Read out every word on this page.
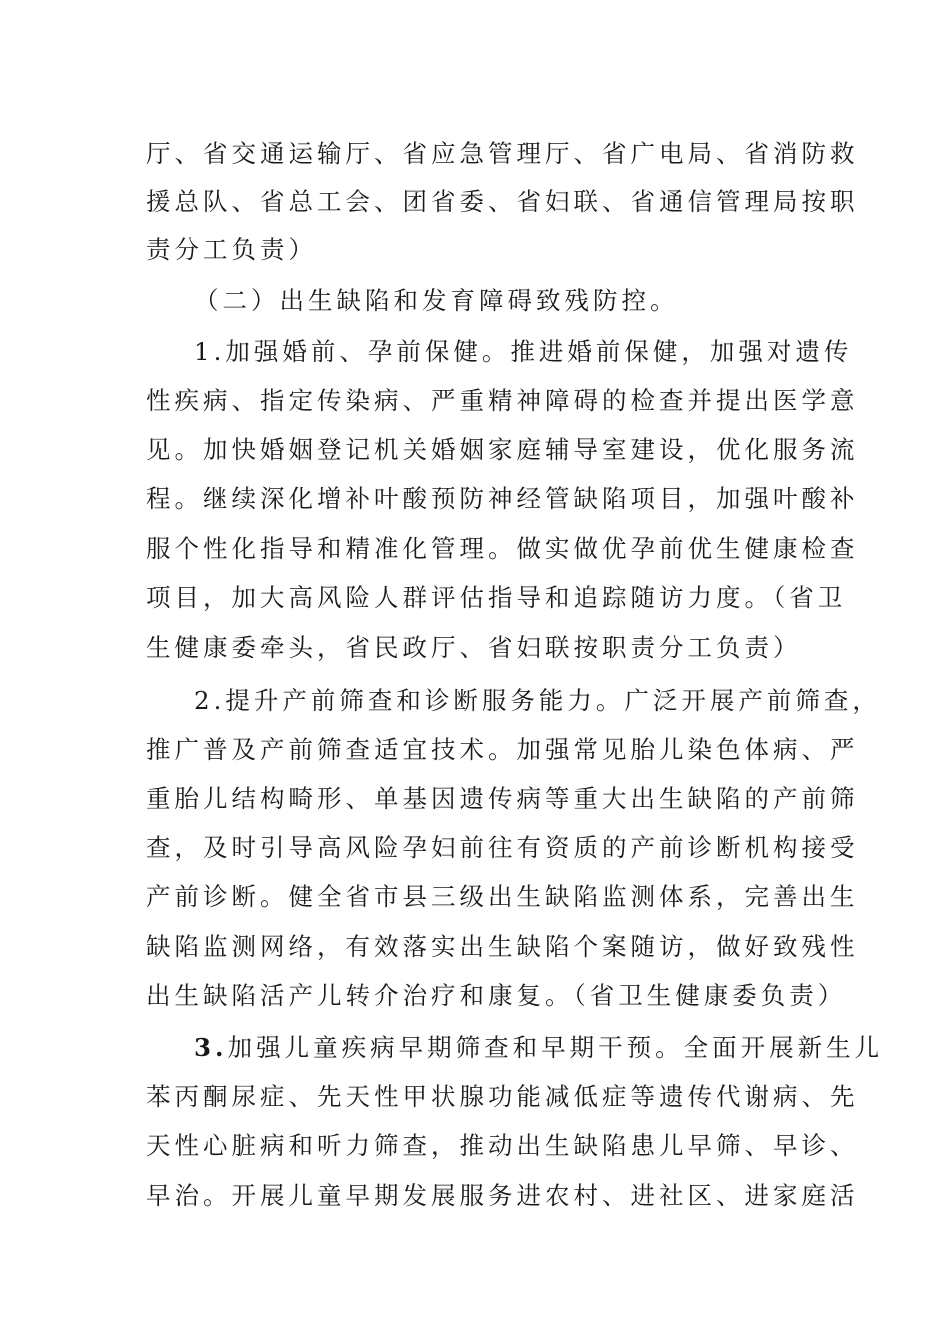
厅、省交通运输厅、省应急管理厅、省广电局、省消防救
援总队、省总工会、团省委、省妇联、省通信管理局按职
责分工负责）
（二）出生缺陷和发育障碍致残防控。
1.加强婚前、孕前保健。推进婚前保健，加强对遗传
性疾病、指定传染病、严重精神障碍的检查并提出医学意
见。加快婚姻登记机关婚姻家庭辅导室建设，优化服务流
程。继续深化增补叶酸预防神经管缺陷项目，加强叶酸补
服个性化指导和精准化管理。做实做优孕前优生健康检查
项目，加大高风险人群评估指导和追踪随访力度。（省卫
生健康委牵头，省民政厅、省妇联按职责分工负责）
2.提升产前筛查和诊断服务能力。广泛开展产前筛查，
推广普及产前筛查适宜技术。加强常见胎儿染色体病、严
重胎儿结构畸形、单基因遗传病等重大出生缺陷的产前筛
查，及时引导高风险孕妇前往有资质的产前诊断机构接受
产前诊断。健全省市县三级出生缺陷监测体系，完善出生
缺陷监测网络，有效落实出生缺陷个案随访，做好致残性
出生缺陷活产儿转介治疗和康复。（省卫生健康委负责）
3.加强儿童疾病早期筛查和早期干预。全面开展新生儿
苯丙酮尿症、先天性甲状腺功能减低症等遗传代谢病、先
天性心脏病和听力筛查，推动出生缺陷患儿早筛、早诊、
早治。开展儿童早期发展服务进农村、进社区、进家庭活
